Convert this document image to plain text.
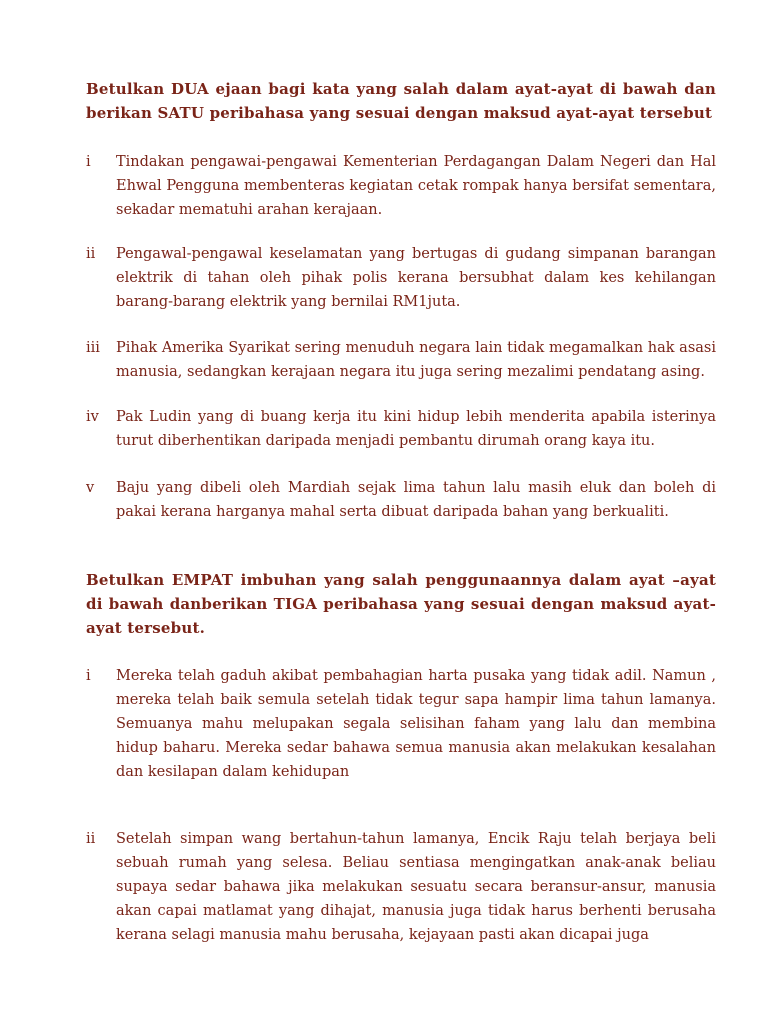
Betulkan DUA ejaan bagi kata yang salah dalam ayat-ayat di bawah dan berikan SATU peribahasa yang sesuai dengan maksud ayat-ayat tersebut

i	Tindakan pengawai-pengawai Kementerian Perdagangan Dalam Negeri dan Hal Ehwal Pengguna membenteras kegiatan cetak rompak hanya bersifat sementara, sekadar mematuhi arahan kerajaan.
ii	Pengawal-pengawal keselamatan yang bertugas di gudang simpanan barangan elektrik di tahan oleh pihak polis kerana bersubhat dalam kes kehilangan barang-barang elektrik yang bernilai RM1juta.
iii	Pihak Amerika Syarikat sering menuduh negara lain tidak megamalkan hak asasi manusia, sedangkan kerajaan negara itu juga sering mezalimi pendatang asing.
iv	Pak Ludin yang di buang kerja itu kini hidup lebih menderita apabila isterinya turut diberhentikan daripada menjadi pembantu dirumah orang kaya itu.
v	Baju yang dibeli oleh Mardiah sejak lima tahun lalu masih eluk dan boleh di pakai kerana harganya mahal serta dibuat daripada bahan yang berkualiti.

Betulkan EMPAT imbuhan yang salah penggunaannya dalam ayat –ayat di bawah danberikan TIGA peribahasa yang sesuai dengan maksud ayat-ayat tersebut.

i	Mereka telah gaduh akibat pembahagian harta pusaka yang tidak adil. Namun , mereka telah baik semula setelah tidak tegur sapa hampir lima tahun lamanya. Semuanya mahu melupakan segala selisihan faham yang lalu dan membina hidup baharu. Mereka sedar bahawa semua manusia akan melakukan kesalahan dan kesilapan dalam kehidupan
ii	Setelah simpan wang bertahun-tahun lamanya, Encik Raju telah berjaya beli sebuah rumah yang selesa. Beliau sentiasa mengingatkan anak-anak beliau supaya sedar bahawa jika melakukan sesuatu secara beransur-ansur, manusia akan capai matlamat yang dihajat, manusia juga tidak harus berhenti berusaha kerana selagi manusia mahu berusaha, kejayaan pasti akan dicapai juga
